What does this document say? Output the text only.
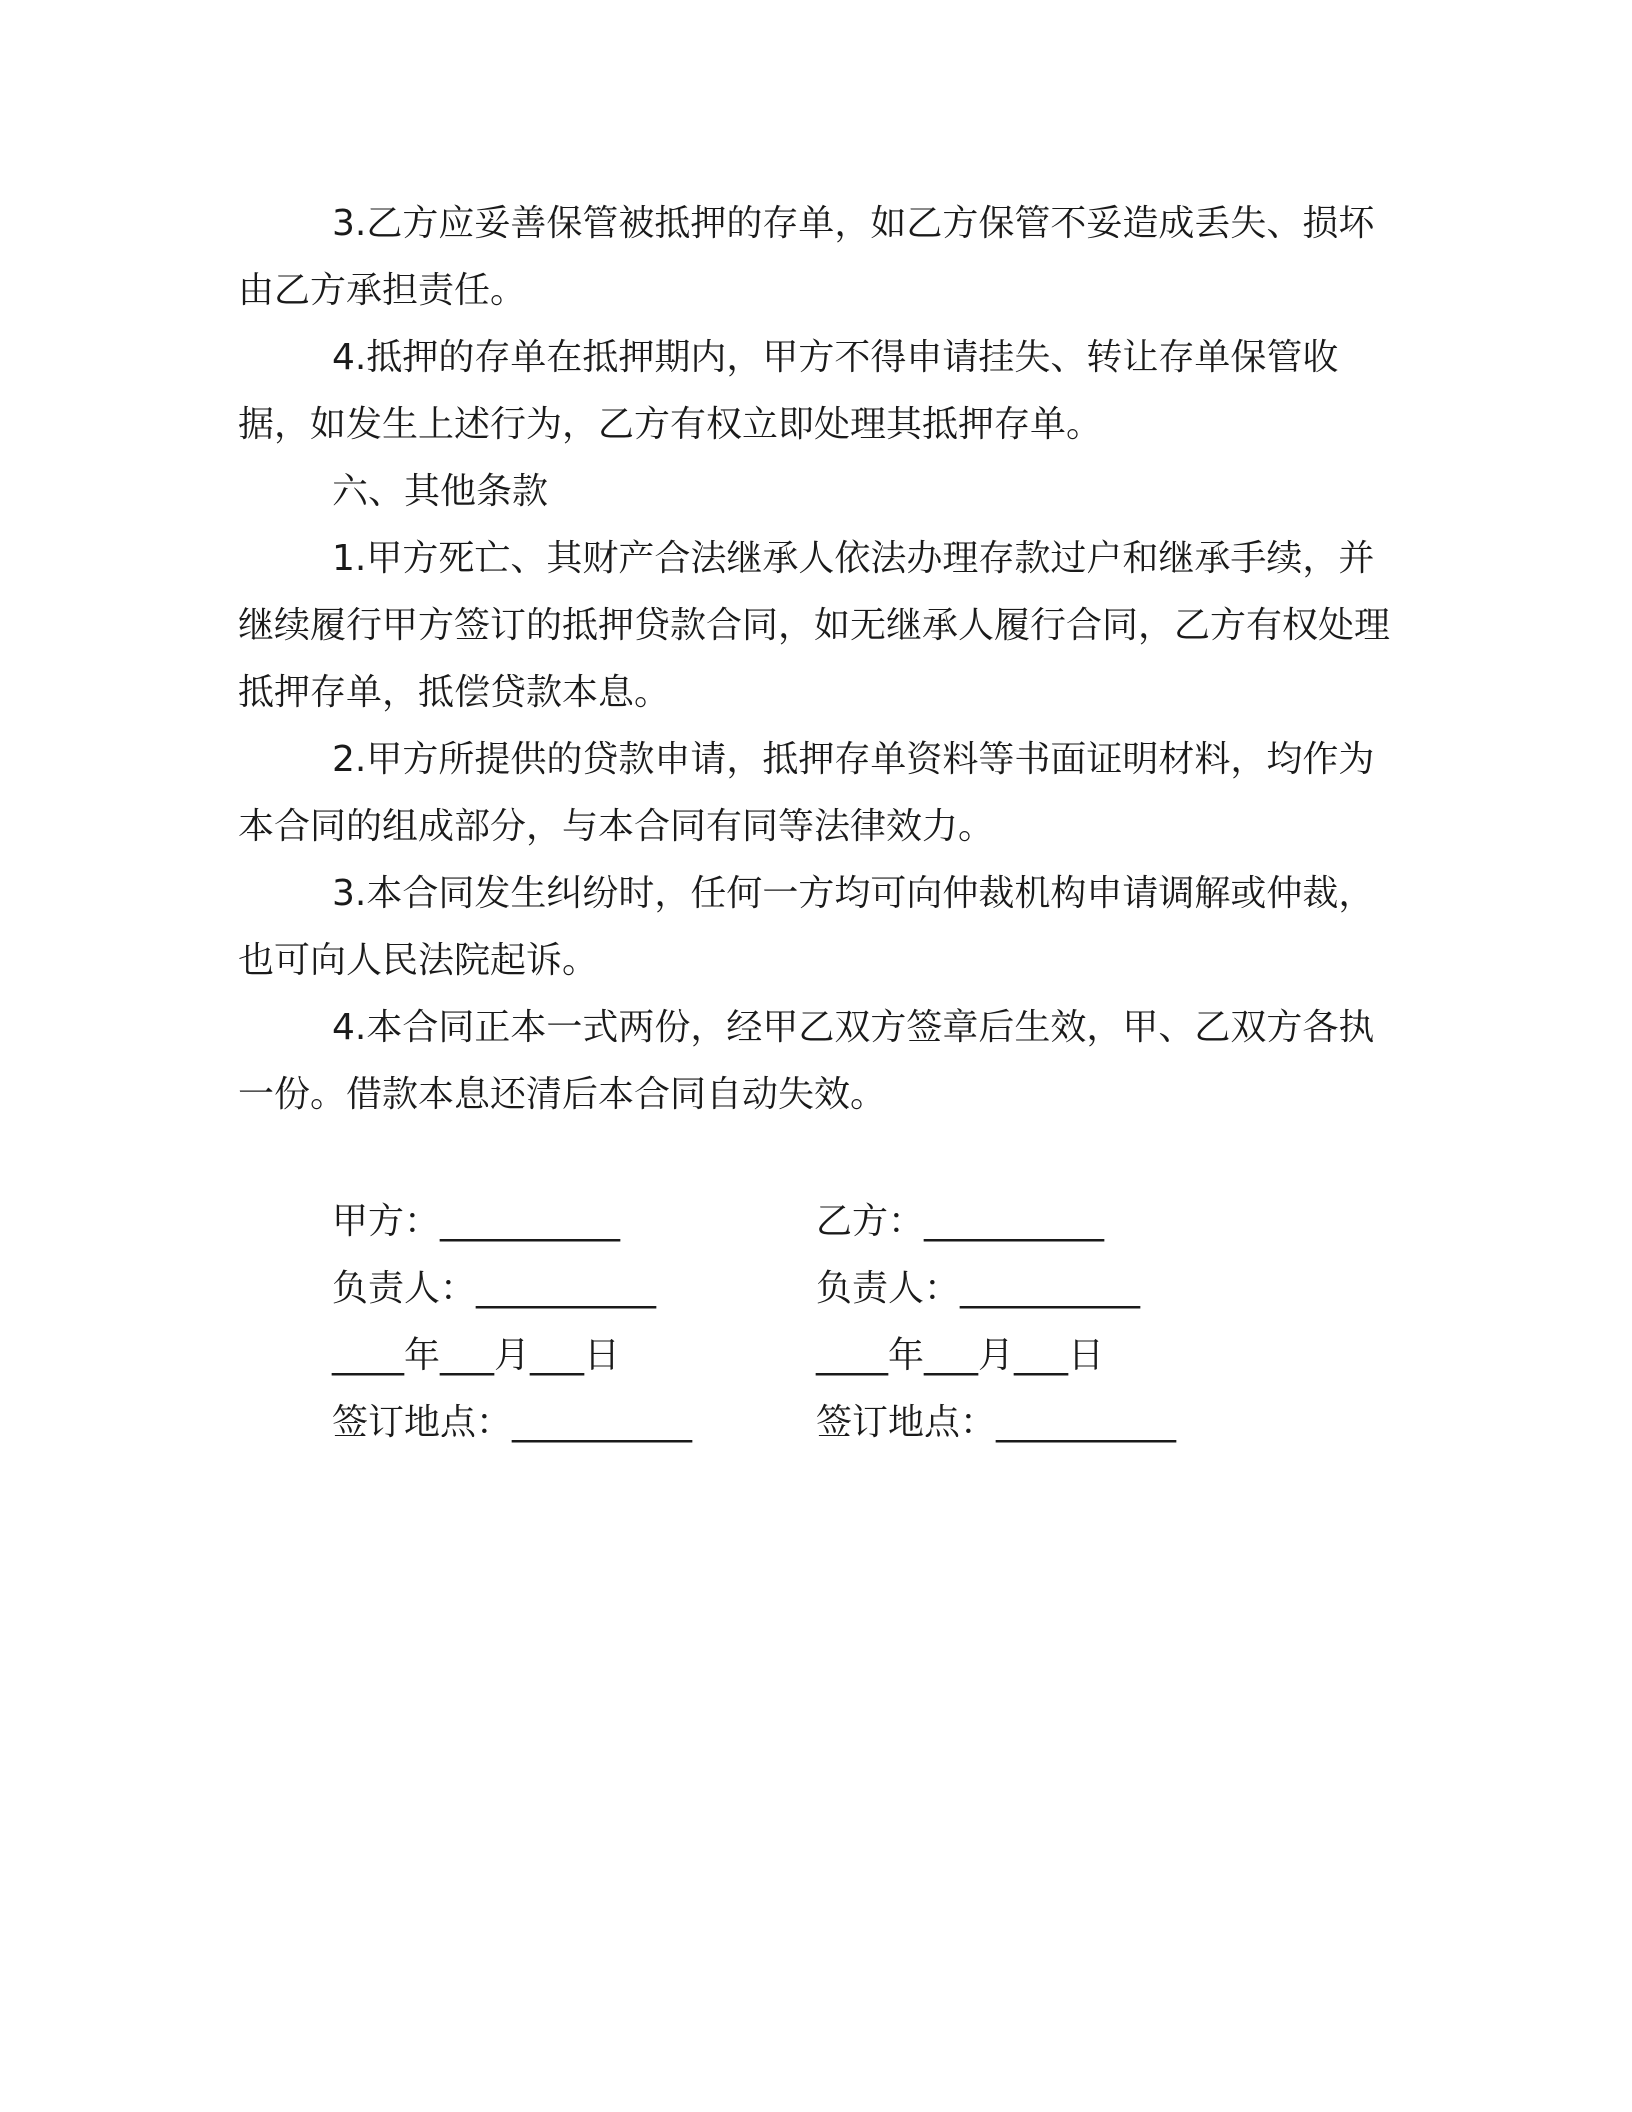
3.乙方应妥善保管被抵押的存单，如乙方保管不妥造成丢失、损坏由乙方承担责任。

4.抵押的存单在抵押期内，甲方不得申请挂失、转让存单保管收据，如发生上述行为，乙方有权立即处理其抵押存单。

六、其他条款

1.甲方死亡、其财产合法继承人依法办理存款过户和继承手续，并继续履行甲方签订的抵押贷款合同，如无继承人履行合同，乙方有权处理抵押存单，抵偿贷款本息。

2.甲方所提供的贷款申请，抵押存单资料等书面证明材料，均作为本合同的组成部分，与本合同有同等法律效力。

3.本合同发生纠纷时，任何一方均可向仲裁机构申请调解或仲裁，也可向人民法院起诉。

4.本合同正本一式两份，经甲乙双方签章后生效，甲、乙双方各执一份。借款本息还清后本合同自动失效。

甲方：__________

负责人：__________

____年___月___日

签订地点：__________

乙方：__________

负责人：__________

____年___月___日

签订地点：__________
